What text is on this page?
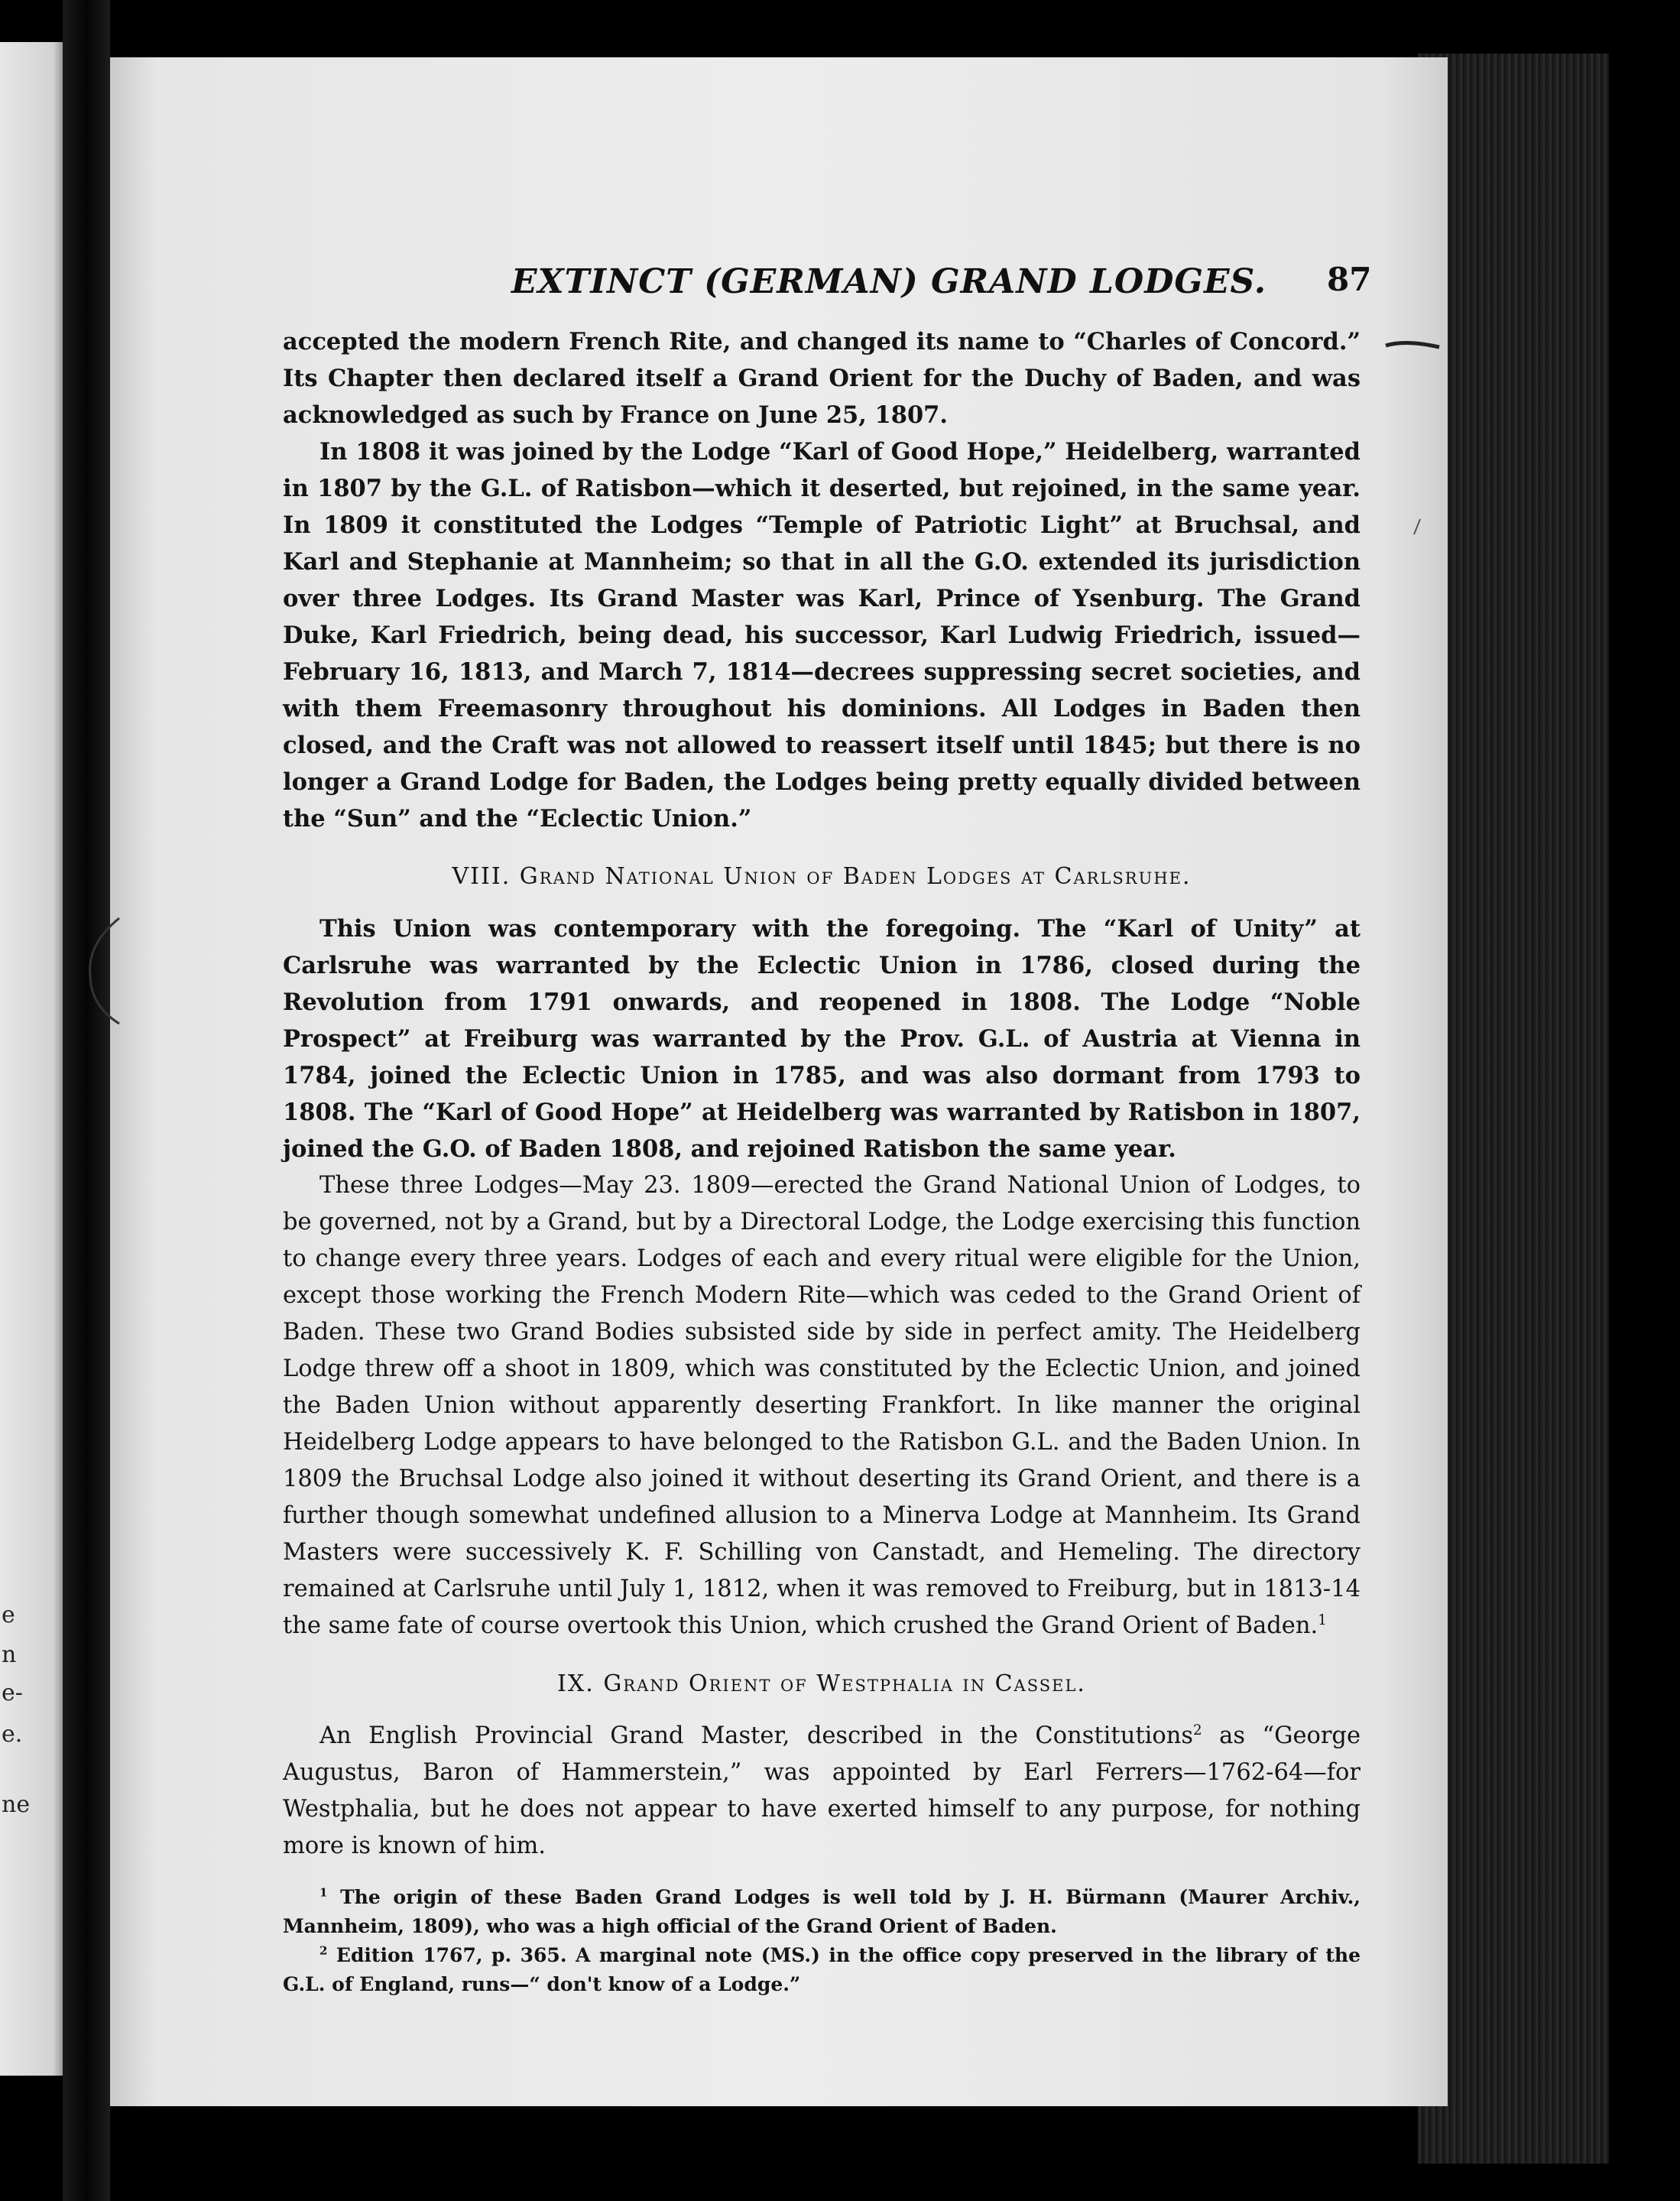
e
n
e-
e.
ne
EXTINCT (GERMAN) GRAND LODGES.	87

accepted the modern French Rite, and changed its name to “Charles of Concord.” Its Chapter then declared itself a Grand Orient for the Duchy of Baden, and was acknowledged as such by France on June 25, 1807.

In 1808 it was joined by the Lodge “Karl of Good Hope,” Heidelberg, warranted in 1807 by the G.L. of Ratisbon—which it deserted, but rejoined, in the same year. In 1809 it constituted the Lodges “Temple of Patriotic Light” at Bruchsal, and Karl and Stephanie at Mannheim; so that in all the G.O. extended its jurisdiction over three Lodges. Its Grand Master was Karl, Prince of Ysenburg. The Grand Duke, Karl Friedrich, being dead, his successor, Karl Ludwig Friedrich, issued—February 16, 1813, and March 7, 1814—decrees suppressing secret societies, and with them Freemasonry throughout his dominions. All Lodges in Baden then closed, and the Craft was not allowed to reassert itself until 1845; but there is no longer a Grand Lodge for Baden, the Lodges being pretty equally divided between the “Sun” and the “Eclectic Union.”

VIII. Grand National Union of Baden Lodges at Carlsruhe.

This Union was contemporary with the foregoing. The “Karl of Unity” at Carlsruhe was warranted by the Eclectic Union in 1786, closed during the Revolution from 1791 onwards, and reopened in 1808. The Lodge “Noble Prospect” at Freiburg was warranted by the Prov. G.L. of Austria at Vienna in 1784, joined the Eclectic Union in 1785, and was also dormant from 1793 to 1808. The “Karl of Good Hope” at Heidelberg was warranted by Ratisbon in 1807, joined the G.O. of Baden 1808, and rejoined Ratisbon the same year.

These three Lodges—May 23. 1809—erected the Grand National Union of Lodges, to be governed, not by a Grand, but by a Directoral Lodge, the Lodge exercising this function to change every three years. Lodges of each and every ritual were eligible for the Union, except those working the French Modern Rite—which was ceded to the Grand Orient of Baden. These two Grand Bodies subsisted side by side in perfect amity. The Heidelberg Lodge threw off a shoot in 1809, which was constituted by the Eclectic Union, and joined the Baden Union without apparently deserting Frankfort. In like manner the original Heidelberg Lodge appears to have belonged to the Ratisbon G.L. and the Baden Union. In 1809 the Bruchsal Lodge also joined it without deserting its Grand Orient, and there is a further though somewhat undefined allusion to a Minerva Lodge at Mannheim. Its Grand Masters were successively K. F. Schilling von Canstadt, and Hemeling. The directory remained at Carlsruhe until July 1, 1812, when it was removed to Freiburg, but in 1813-14 the same fate of course overtook this Union, which crushed the Grand Orient of Baden.$^1$

IX. Grand Orient of Westphalia in Cassel.

An English Provincial Grand Master, described in the Constitutions$^2$ as “George Augustus, Baron of Hammerstein,” was appointed by Earl Ferrers—1762-64—for Westphalia, but he does not appear to have exerted himself to any purpose, for nothing more is known of him.

$^1$ The origin of these Baden Grand Lodges is well told by J. H. Bürmann (Maurer Archiv., Mannheim, 1809), who was a high official of the Grand Orient of Baden.

$^2$ Edition 1767, p. 365. A marginal note (MS.) in the office copy preserved in the library of the G.L. of England, runs—“ don't know of a Lodge.”
